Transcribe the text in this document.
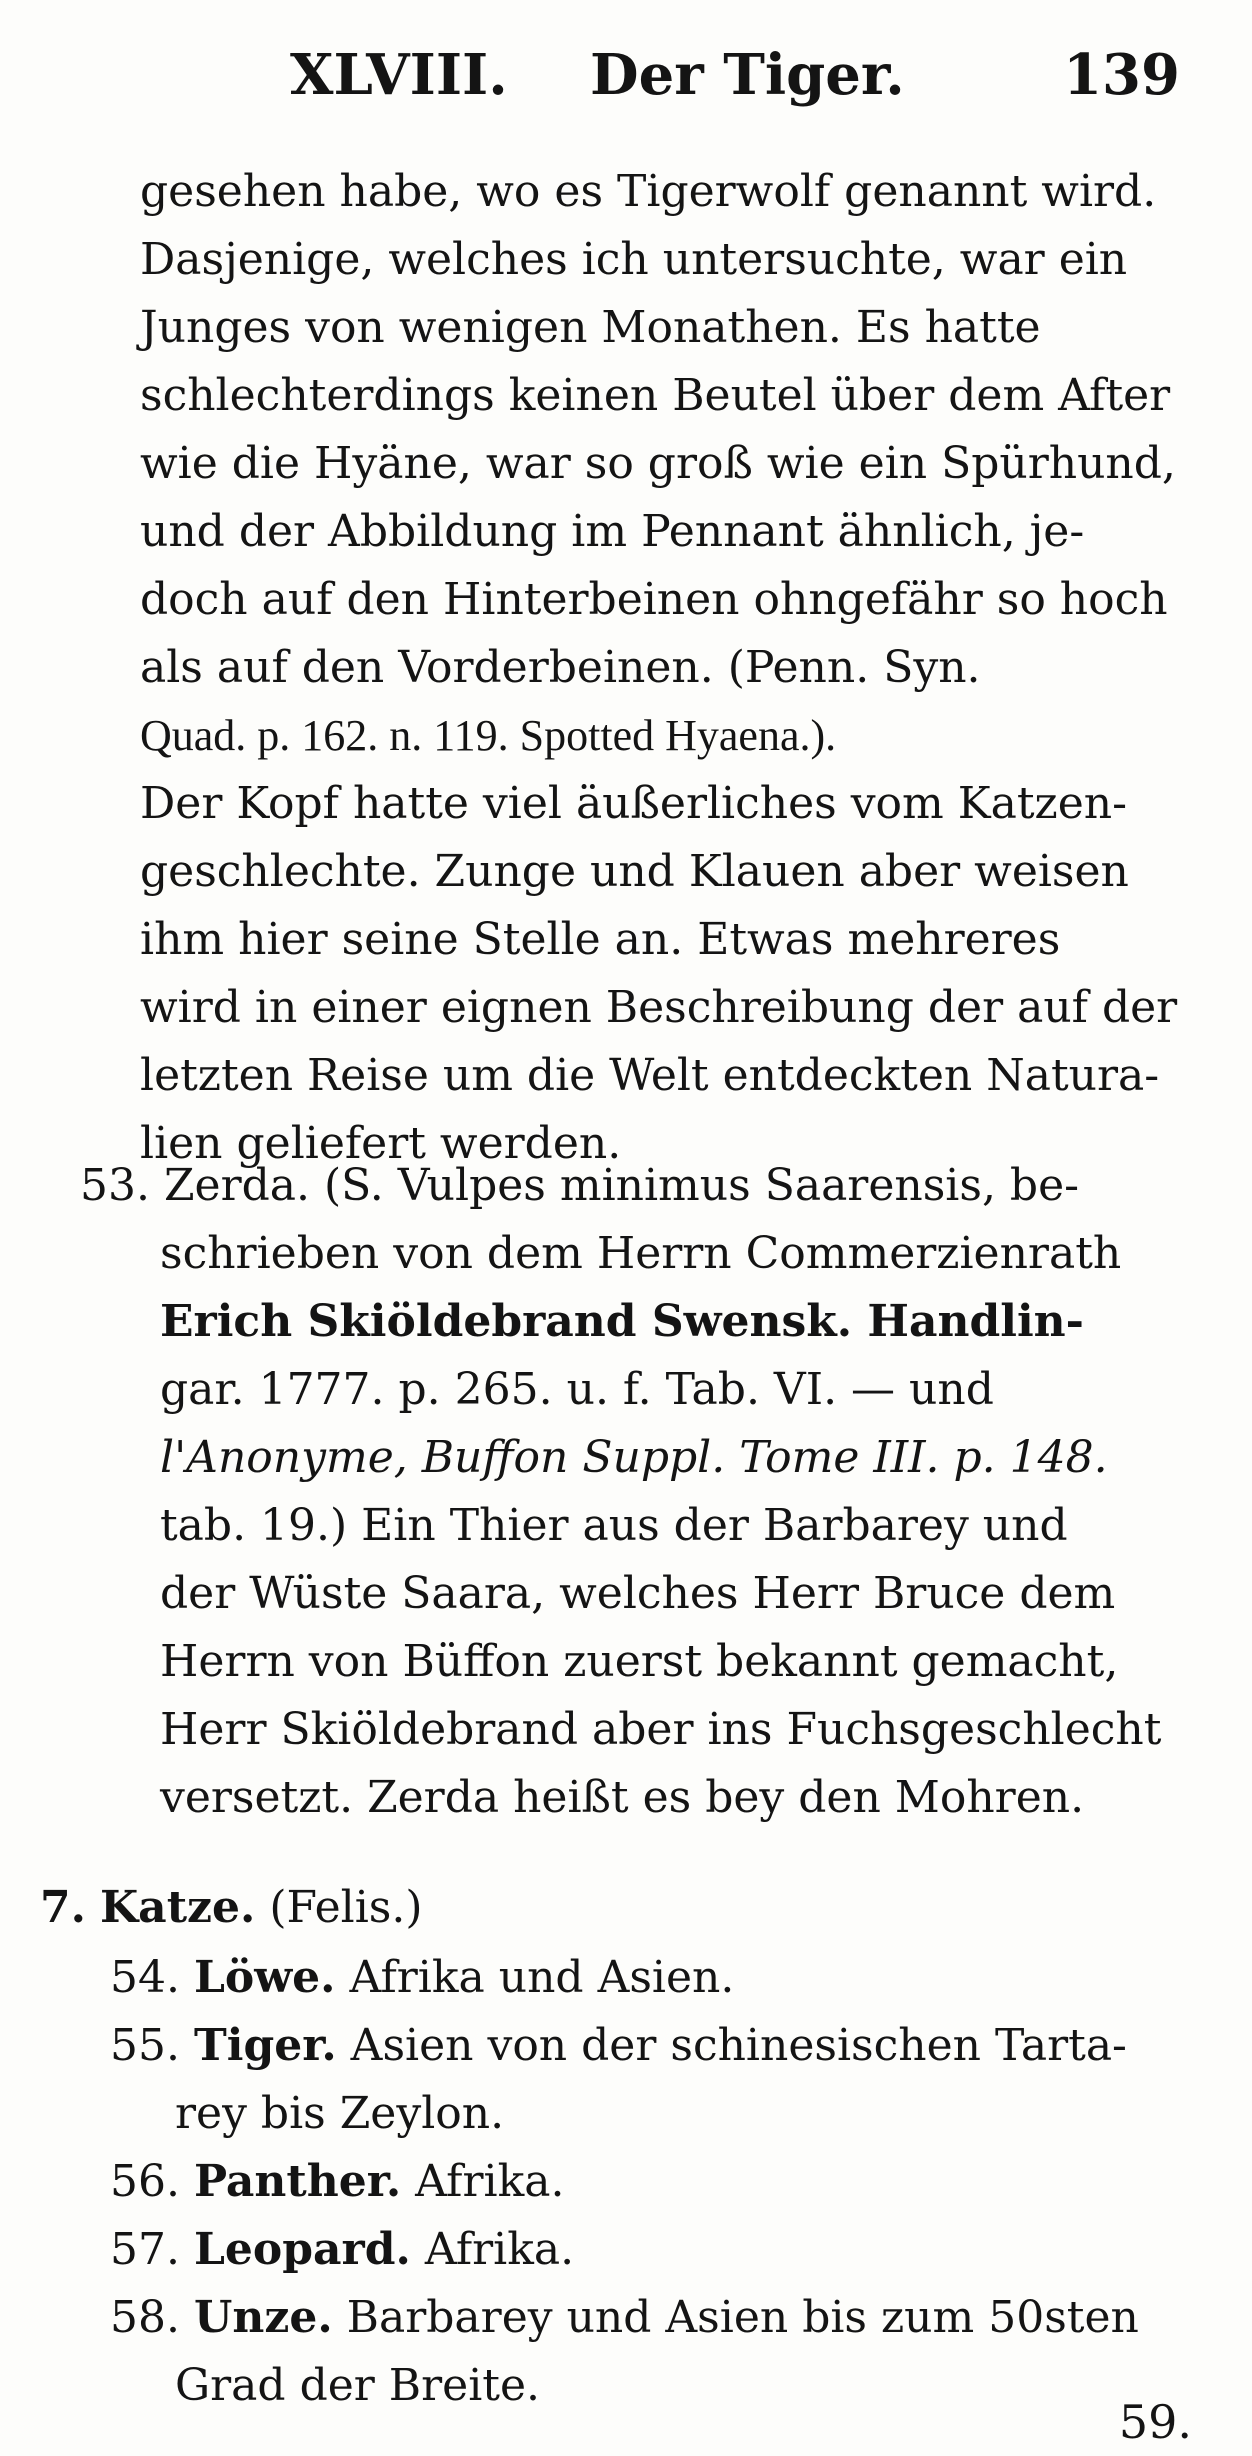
XLVIII. Der Tiger.	139
gesehen habe, wo es Tigerwolf genannt wird.
Dasjenige, welches ich untersuchte, war ein
Junges von wenigen Monathen. Es hatte
schlechterdings keinen Beutel über dem After
wie die Hyäne, war so groß wie ein Spürhund,
und der Abbildung im Pennant ähnlich, je-
doch auf den Hinterbeinen ohngefähr so hoch
als auf den Vorderbeinen. (Penn. Syn.
Quad. p. 162. n. 119. Spotted Hyaena.).
Der Kopf hatte viel äußerliches vom Katzen-
geschlechte. Zunge und Klauen aber weisen
ihm hier seine Stelle an. Etwas mehreres
wird in einer eignen Beschreibung der auf der
letzten Reise um die Welt entdeckten Natura-
lien geliefert werden.
53. Zerda. (S. Vulpes minimus Saarensis, be-
schrieben von dem Herrn Commerzienrath
Erich Skiöldebrand Swensk. Handlin-
gar. 1777. p. 265. u. f. Tab. VI. — und
l'Anonyme, Buffon Suppl. Tome III. p. 148.
tab. 19.) Ein Thier aus der Barbarey und
der Wüste Saara, welches Herr Bruce dem
Herrn von Büffon zuerst bekannt gemacht,
Herr Skiöldebrand aber ins Fuchsgeschlecht
versetzt. Zerda heißt es bey den Mohren.
7. Katze. (Felis.)
54. Löwe. Afrika und Asien.
55. Tiger. Asien von der schinesischen Tarta-
rey bis Zeylon.
56. Panther. Afrika.
57. Leopard. Afrika.
58. Unze. Barbarey und Asien bis zum 50sten
Grad der Breite.
59.
